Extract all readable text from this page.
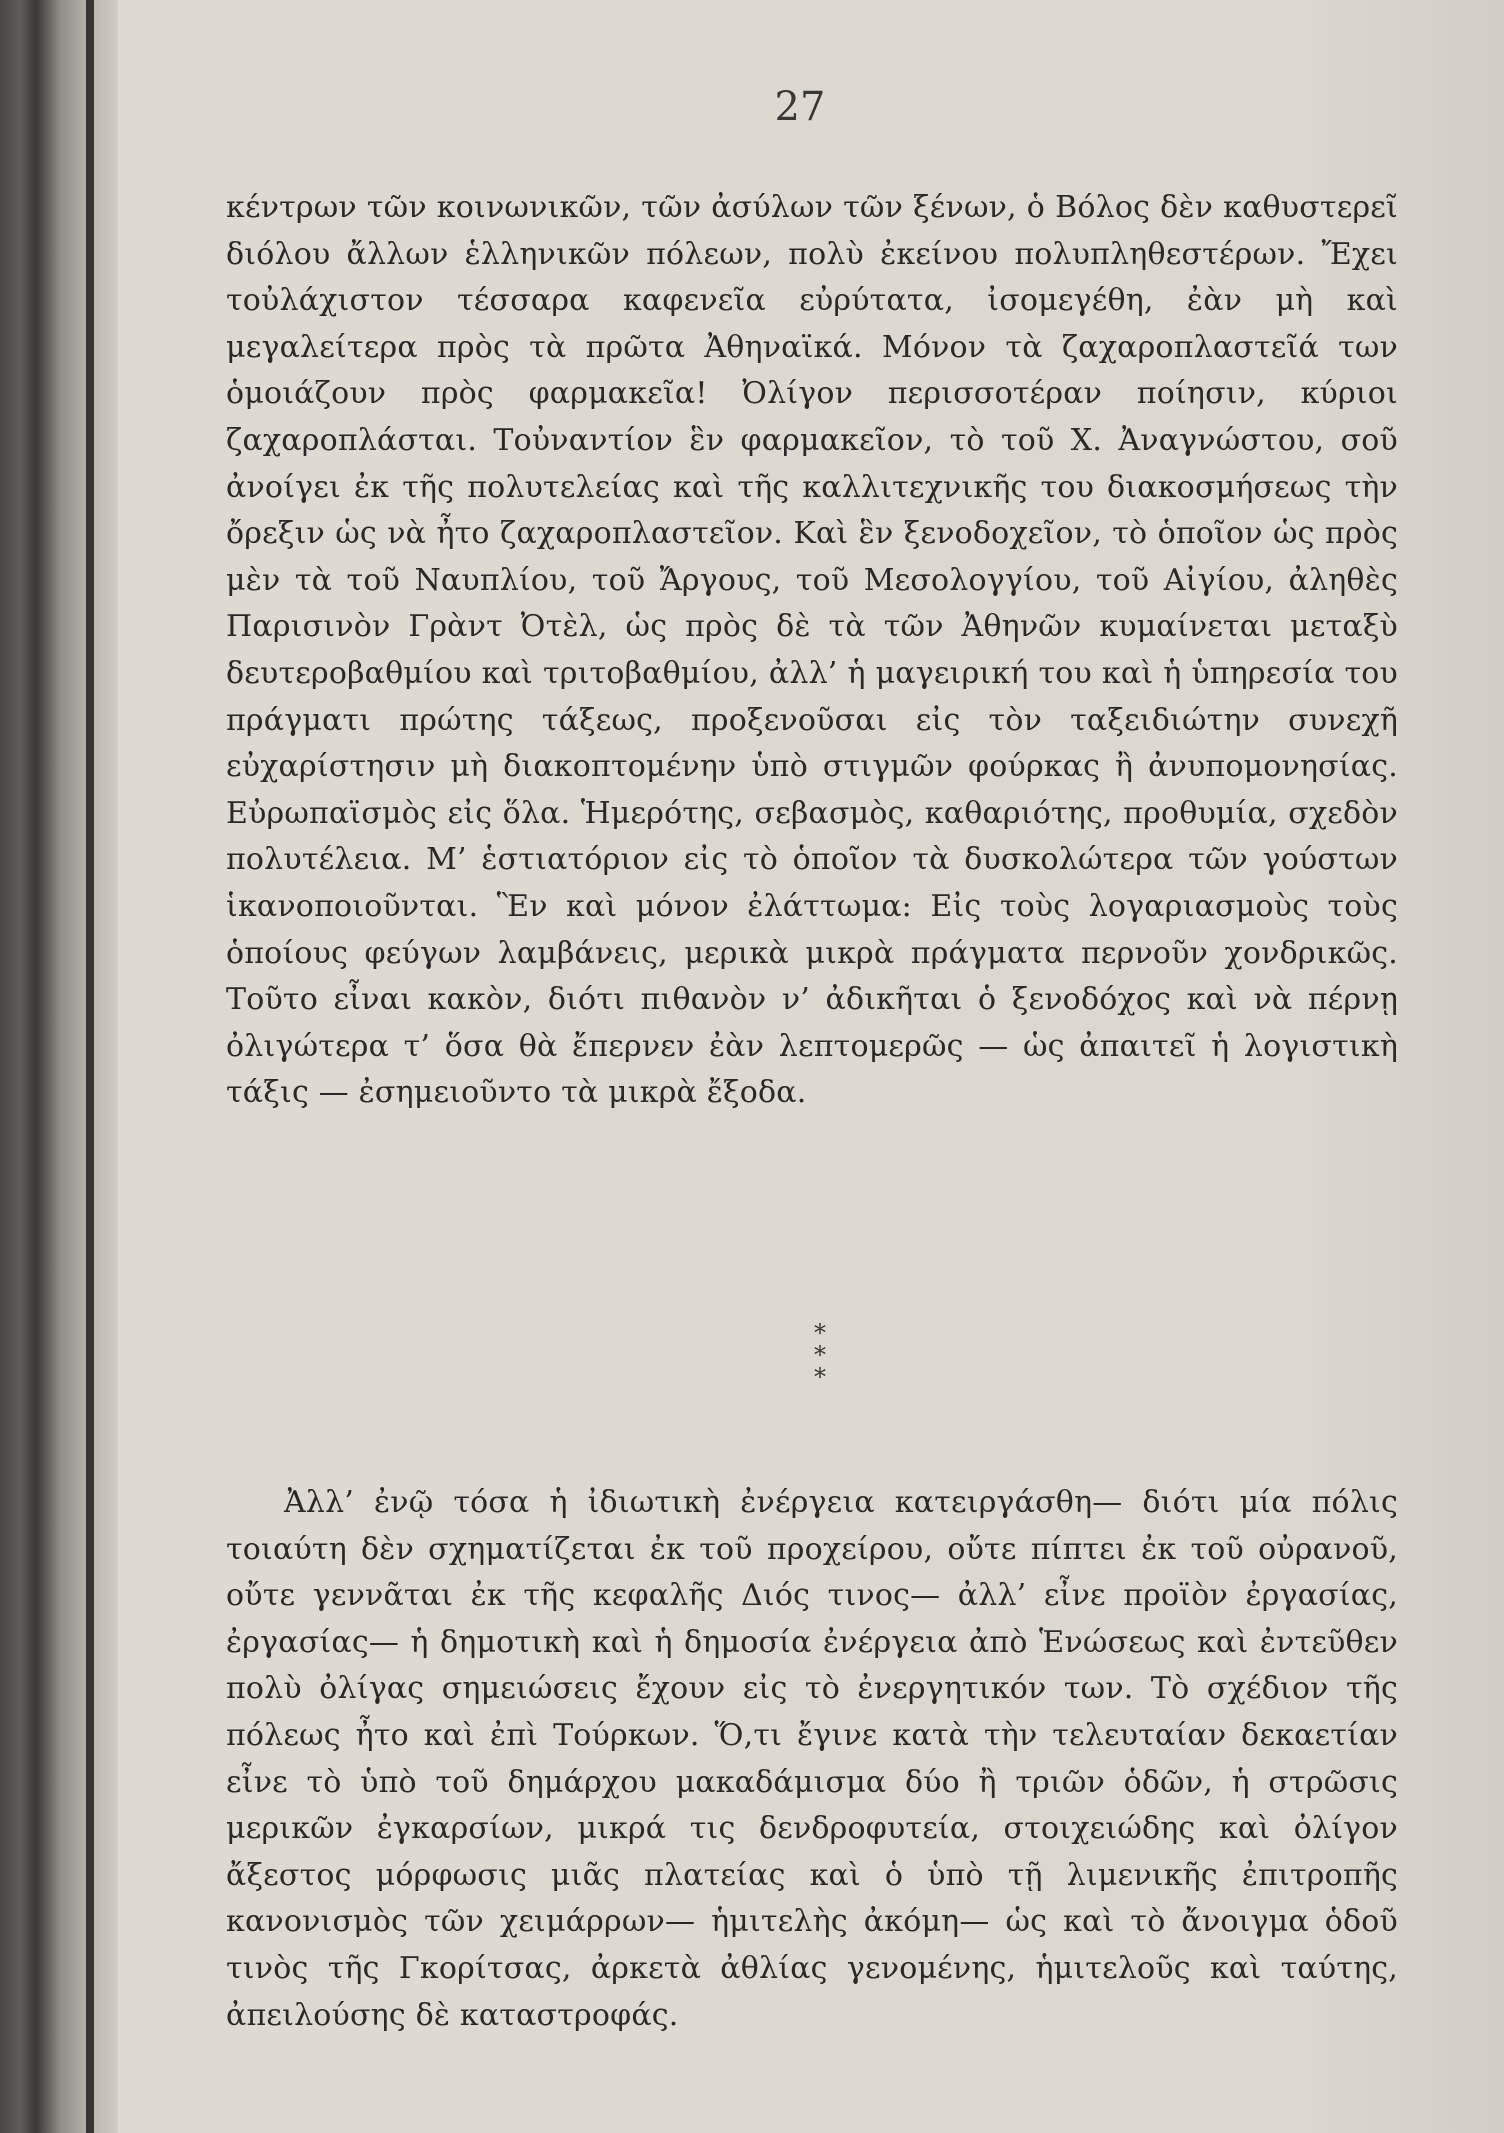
27

κέντρων τῶν κοινωνικῶν, τῶν ἀσύλων τῶν ξένων, ὁ Βόλος δὲν καθυστερεῖ διόλου ἄλλων ἑλληνικῶν πόλεων, πολὺ ἐκείνου πολυπληθεστέρων. Ἔχει τοὐλάχιστον τέσσαρα καφενεῖα εὐρύτατα, ἰσομεγέθη, ἐὰν μὴ καὶ μεγαλείτερα πρὸς τὰ πρῶτα Ἀθηναϊκά. Μόνον τὰ ζαχαροπλαστεῖά των ὁμοιάζουν πρὸς φαρμακεῖα! Ὀλίγον περισσοτέραν ποίησιν, κύριοι ζαχαροπλάσται. Τοὐναντίον ἓν φαρμακεῖον, τὸ τοῦ Χ. Ἀναγνώστου, σοῦ ἀνοίγει ἐκ τῆς πολυτελείας καὶ τῆς καλλιτεχνικῆς του διακοσμήσεως τὴν ὄρεξιν ὡς νὰ ἦτο ζαχαροπλαστεῖον. Καὶ ἓν ξενοδοχεῖον, τὸ ὁποῖον ὡς πρὸς μὲν τὰ τοῦ Ναυπλίου, τοῦ Ἄργους, τοῦ Μεσολογγίου, τοῦ Αἰγίου, ἀληθὲς Παρισινὸν Γρὰντ Ὀτὲλ, ὡς πρὸς δὲ τὰ τῶν Ἀθηνῶν κυμαίνεται μεταξὺ δευτεροβαθμίου καὶ τριτοβαθμίου, ἀλλ’ ἡ μαγειρική του καὶ ἡ ὑπηρεσία του πράγματι πρώτης τάξεως, προξενοῦσαι εἰς τὸν ταξειδιώτην συνεχῆ εὐχαρίστησιν μὴ διακοπτομένην ὑπὸ στιγμῶν φούρκας ἢ ἀνυπομονησίας. Εὐρωπαϊσμὸς εἰς ὅλα. Ἡμερότης, σεβασμὸς, καθαριότης, προθυμία, σχεδὸν πολυτέλεια. Μ’ ἑστιατόριον εἰς τὸ ὁποῖον τὰ δυσκολώτερα τῶν γούστων ἱκανοποιοῦνται. Ἓν καὶ μόνον ἐλάττωμα: Εἰς τοὺς λογαριασμοὺς τοὺς ὁποίους φεύγων λαμβάνεις, μερικὰ μικρὰ πράγματα περνοῦν χονδρικῶς. Τοῦτο εἶναι κακὸν, διότι πιθανὸν ν’ ἀδικῆται ὁ ξενοδόχος καὶ νὰ πέρνῃ ὀλιγώτερα τ’ ὅσα θὰ ἔπερνεν ἐὰν λεπτομερῶς — ὡς ἀπαιτεῖ ἡ λογιστικὴ τάξις — ἐσημειοῦντο τὰ μικρὰ ἔξοδα.

* *
*

Ἀλλ’ ἐνῷ τόσα ἡ ἰδιωτικὴ ἐνέργεια κατειργάσθη— διότι μία πόλις τοιαύτη δὲν σχηματίζεται ἐκ τοῦ προχείρου, οὔτε πίπτει ἐκ τοῦ οὐρανοῦ, οὔτε γεννᾶται ἐκ τῆς κεφαλῆς Διός τινος— ἀλλ’ εἶνε προϊὸν ἐργασίας, ἐργασίας— ἡ δημοτικὴ καὶ ἡ δημοσία ἐνέργεια ἀπὸ Ἑνώσεως καὶ ἐντεῦθεν πολὺ ὀλίγας σημειώσεις ἔχουν εἰς τὸ ἐνεργητικόν των. Τὸ σχέδιον τῆς πόλεως ἦτο καὶ ἐπὶ Τούρκων. Ὅ,τι ἔγινε κατὰ τὴν τελευταίαν δεκαετίαν εἶνε τὸ ὑπὸ τοῦ δημάρχου μακαδάμισμα δύο ἢ τριῶν ὁδῶν, ἡ στρῶσις μερικῶν ἐγκαρσίων, μικρά τις δενδροφυτεία, στοιχειώδης καὶ ὀλίγον ἄξεστος μόρφωσις μιᾶς πλατείας καὶ ὁ ὑπὸ τῇ λιμενικῆς ἐπιτροπῆς κανονισμὸς τῶν χειμάρρων— ἡμιτελὴς ἀκόμη— ὡς καὶ τὸ ἄνοιγμα ὁδοῦ τινὸς τῆς Γκορίτσας, ἀρκετὰ ἀθλίας γενομένης, ἡμιτελοῦς καὶ ταύτης, ἀπειλούσης δὲ καταστροφάς.
